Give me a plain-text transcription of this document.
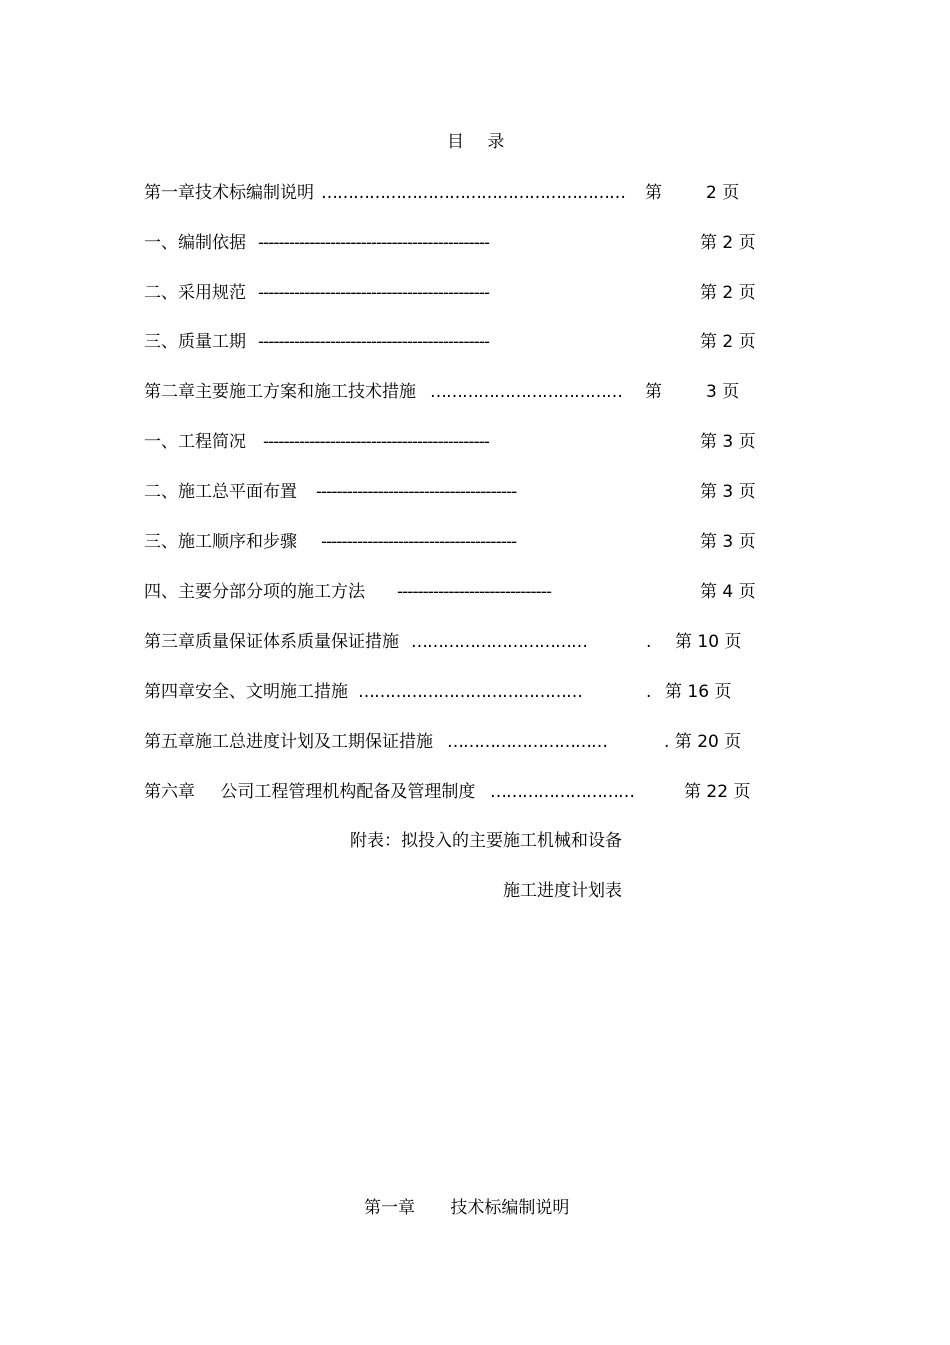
目 录
第一章技术标编制说明 …………………………………………………	第	2 页
一、编制依据 ---------------------------------------------	第 2 页
二、采用规范 ---------------------------------------------	第 2 页
三、质量工期 ---------------------------------------------	第 2 页
第二章主要施工方案和施工技术措施 ………………………………	第	3 页
一、工程简况 --------------------------------------------	第 3 页
二、施工总平面布置 ---------------------------------------	第 3 页
三、施工顺序和步骤 --------------------------------------	第 3 页
四、主要分部分项的施工方法 ------------------------------	第 4 页
第三章质量保证体系质量保证措施 ……………………………	. 第 10 页
第四章安全、文明施工措施 ……………………………………	. 第 16 页
第五章施工总进度计划及工期保证措施 …………………………	. 第 20 页
第六章 公司工程管理机构配备及管理制度 ………………………	第 22 页
附表：拟投入的主要施工机械和设备
施工进度计划表
第一章 技术标编制说明
